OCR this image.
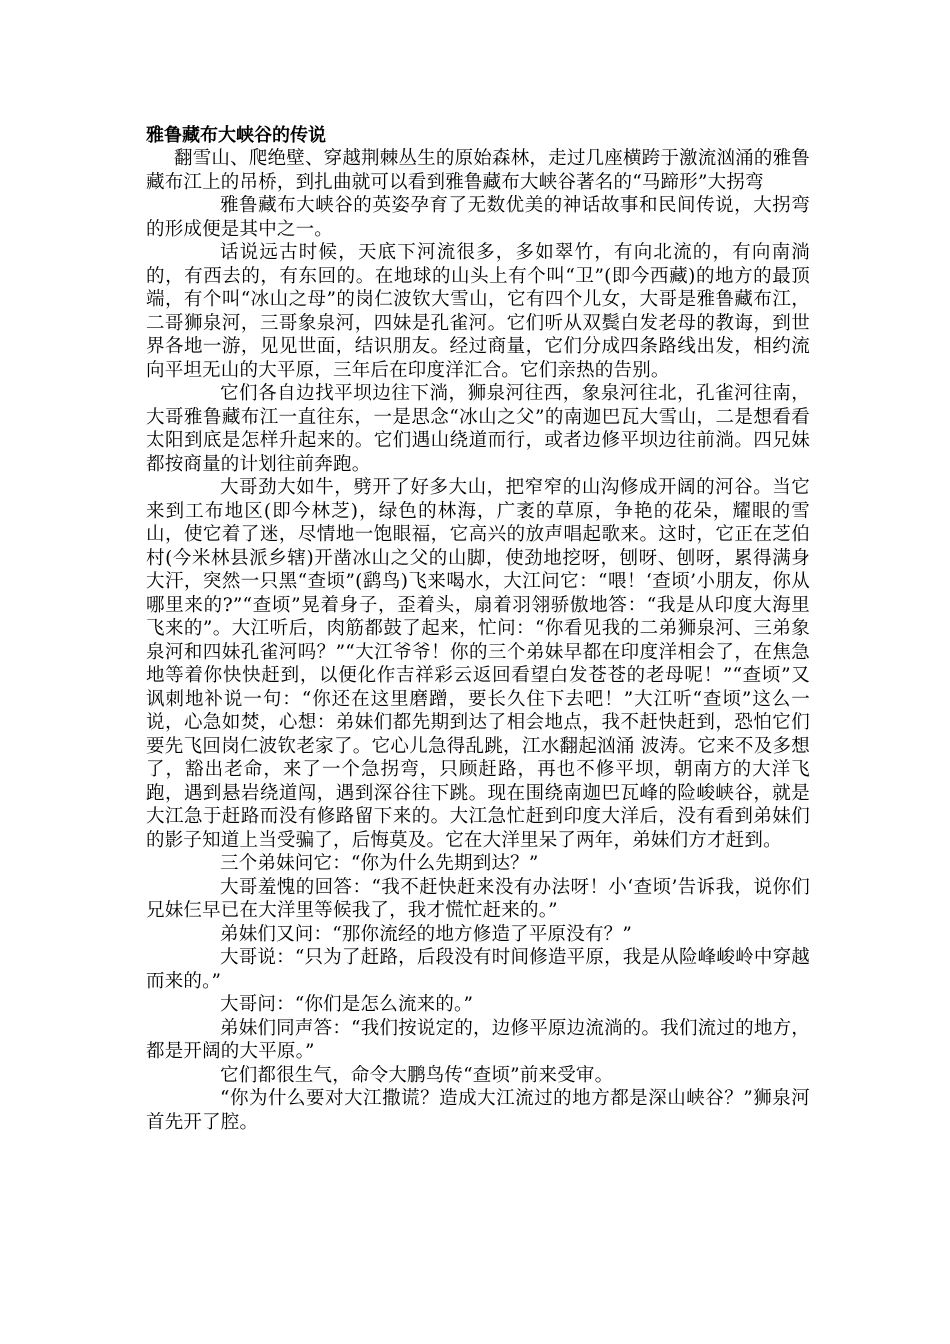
雅鲁藏布大峡谷的传说

翻雪山、爬绝壁、穿越荆棘丛生的原始森林，走过几座横跨于激流汹涌的雅鲁藏布江上的吊桥，到扎曲就可以看到雅鲁藏布大峡谷著名的“马蹄形”大拐弯

雅鲁藏布大峡谷的英姿孕育了无数优美的神话故事和民间传说，大拐弯的形成便是其中之一。

话说远古时候，天底下河流很多，多如翠竹，有向北流的，有向南淌的，有西去的，有东回的。在地球的山头上有个叫“卫”(即今西藏)的地方的最顶端，有个叫“冰山之母”的岗仁波钦大雪山，它有四个儿女，大哥是雅鲁藏布江，二哥狮泉河，三哥象泉河，四妹是孔雀河。它们听从双鬓白发老母的教诲，到世界各地一游，见见世面，结识朋友。经过商量，它们分成四条路线出发，相约流向平坦无山的大平原，三年后在印度洋汇合。它们亲热的告别。

它们各自边找平坝边往下淌，狮泉河往西，象泉河往北，孔雀河往南，大哥雅鲁藏布江一直往东，一是思念“冰山之父”的南迦巴瓦大雪山，二是想看看太阳到底是怎样升起来的。它们遇山绕道而行，或者边修平坝边往前淌。四兄妹都按商量的计划往前奔跑。

大哥劲大如牛，劈开了好多大山，把窄窄的山沟修成开阔的河谷。当它来到工布地区(即今林芝)，绿色的林海，广袤的草原，争艳的花朵，耀眼的雪山，使它着了迷，尽情地一饱眼福，它高兴的放声唱起歌来。这时，它正在芝伯村(今米林县派乡辖)开凿冰山之父的山脚，使劲地挖呀，刨呀、刨呀，累得满身大汗，突然一只黑“查顷”(鹞鸟)飞来喝水，大江问它：“喂！‘查顷’小朋友，你从哪里来的?”“查顷”晃着身子，歪着头，扇着羽翎骄傲地答：“我是从印度大海里飞来的”。大江听后，肉筋都鼓了起来，忙问：“你看见我的二弟狮泉河、三弟象泉河和四妹孔雀河吗？”“大江爷爷！你的三个弟妹早都在印度洋相会了，在焦急地等着你快快赶到，以便化作吉祥彩云返回看望白发苍苍的老母呢！”“查顷”又讽刺地补说一句：“你还在这里磨蹭，要长久住下去吧！”大江听“查顷”这么一说，心急如焚，心想：弟妹们都先期到达了相会地点，我不赶快赶到，恐怕它们要先飞回岗仁波钦老家了。它心儿急得乱跳，江水翻起汹涌 波涛。它来不及多想了，豁出老命，来了一个急拐弯，只顾赶路，再也不修平坝，朝南方的大洋飞跑，遇到悬岩绕道闯，遇到深谷往下跳。现在围绕南迦巴瓦峰的险峻峡谷，就是大江急于赶路而没有修路留下来的。大江急忙赶到印度大洋后，没有看到弟妹们的影子知道上当受骗了，后悔莫及。它在大洋里呆了两年，弟妹们方才赶到。

三个弟妹问它：“你为什么先期到达？”

大哥羞愧的回答：“我不赶快赶来没有办法呀！小‘查顷’告诉我，说你们兄妹仨早已在大洋里等候我了，我才慌忙赶来的。”

弟妹们又问：“那你流经的地方修造了平原没有？”

大哥说：“只为了赶路，后段没有时间修造平原，我是从险峰峻岭中穿越而来的。”

大哥问：“你们是怎么流来的。”

弟妹们同声答：“我们按说定的，边修平原边流淌的。我们流过的地方，都是开阔的大平原。”

它们都很生气，命令大鹏鸟传“查顷”前来受审。

“你为什么要对大江撒谎？造成大江流过的地方都是深山峡谷？”狮泉河首先开了腔。
